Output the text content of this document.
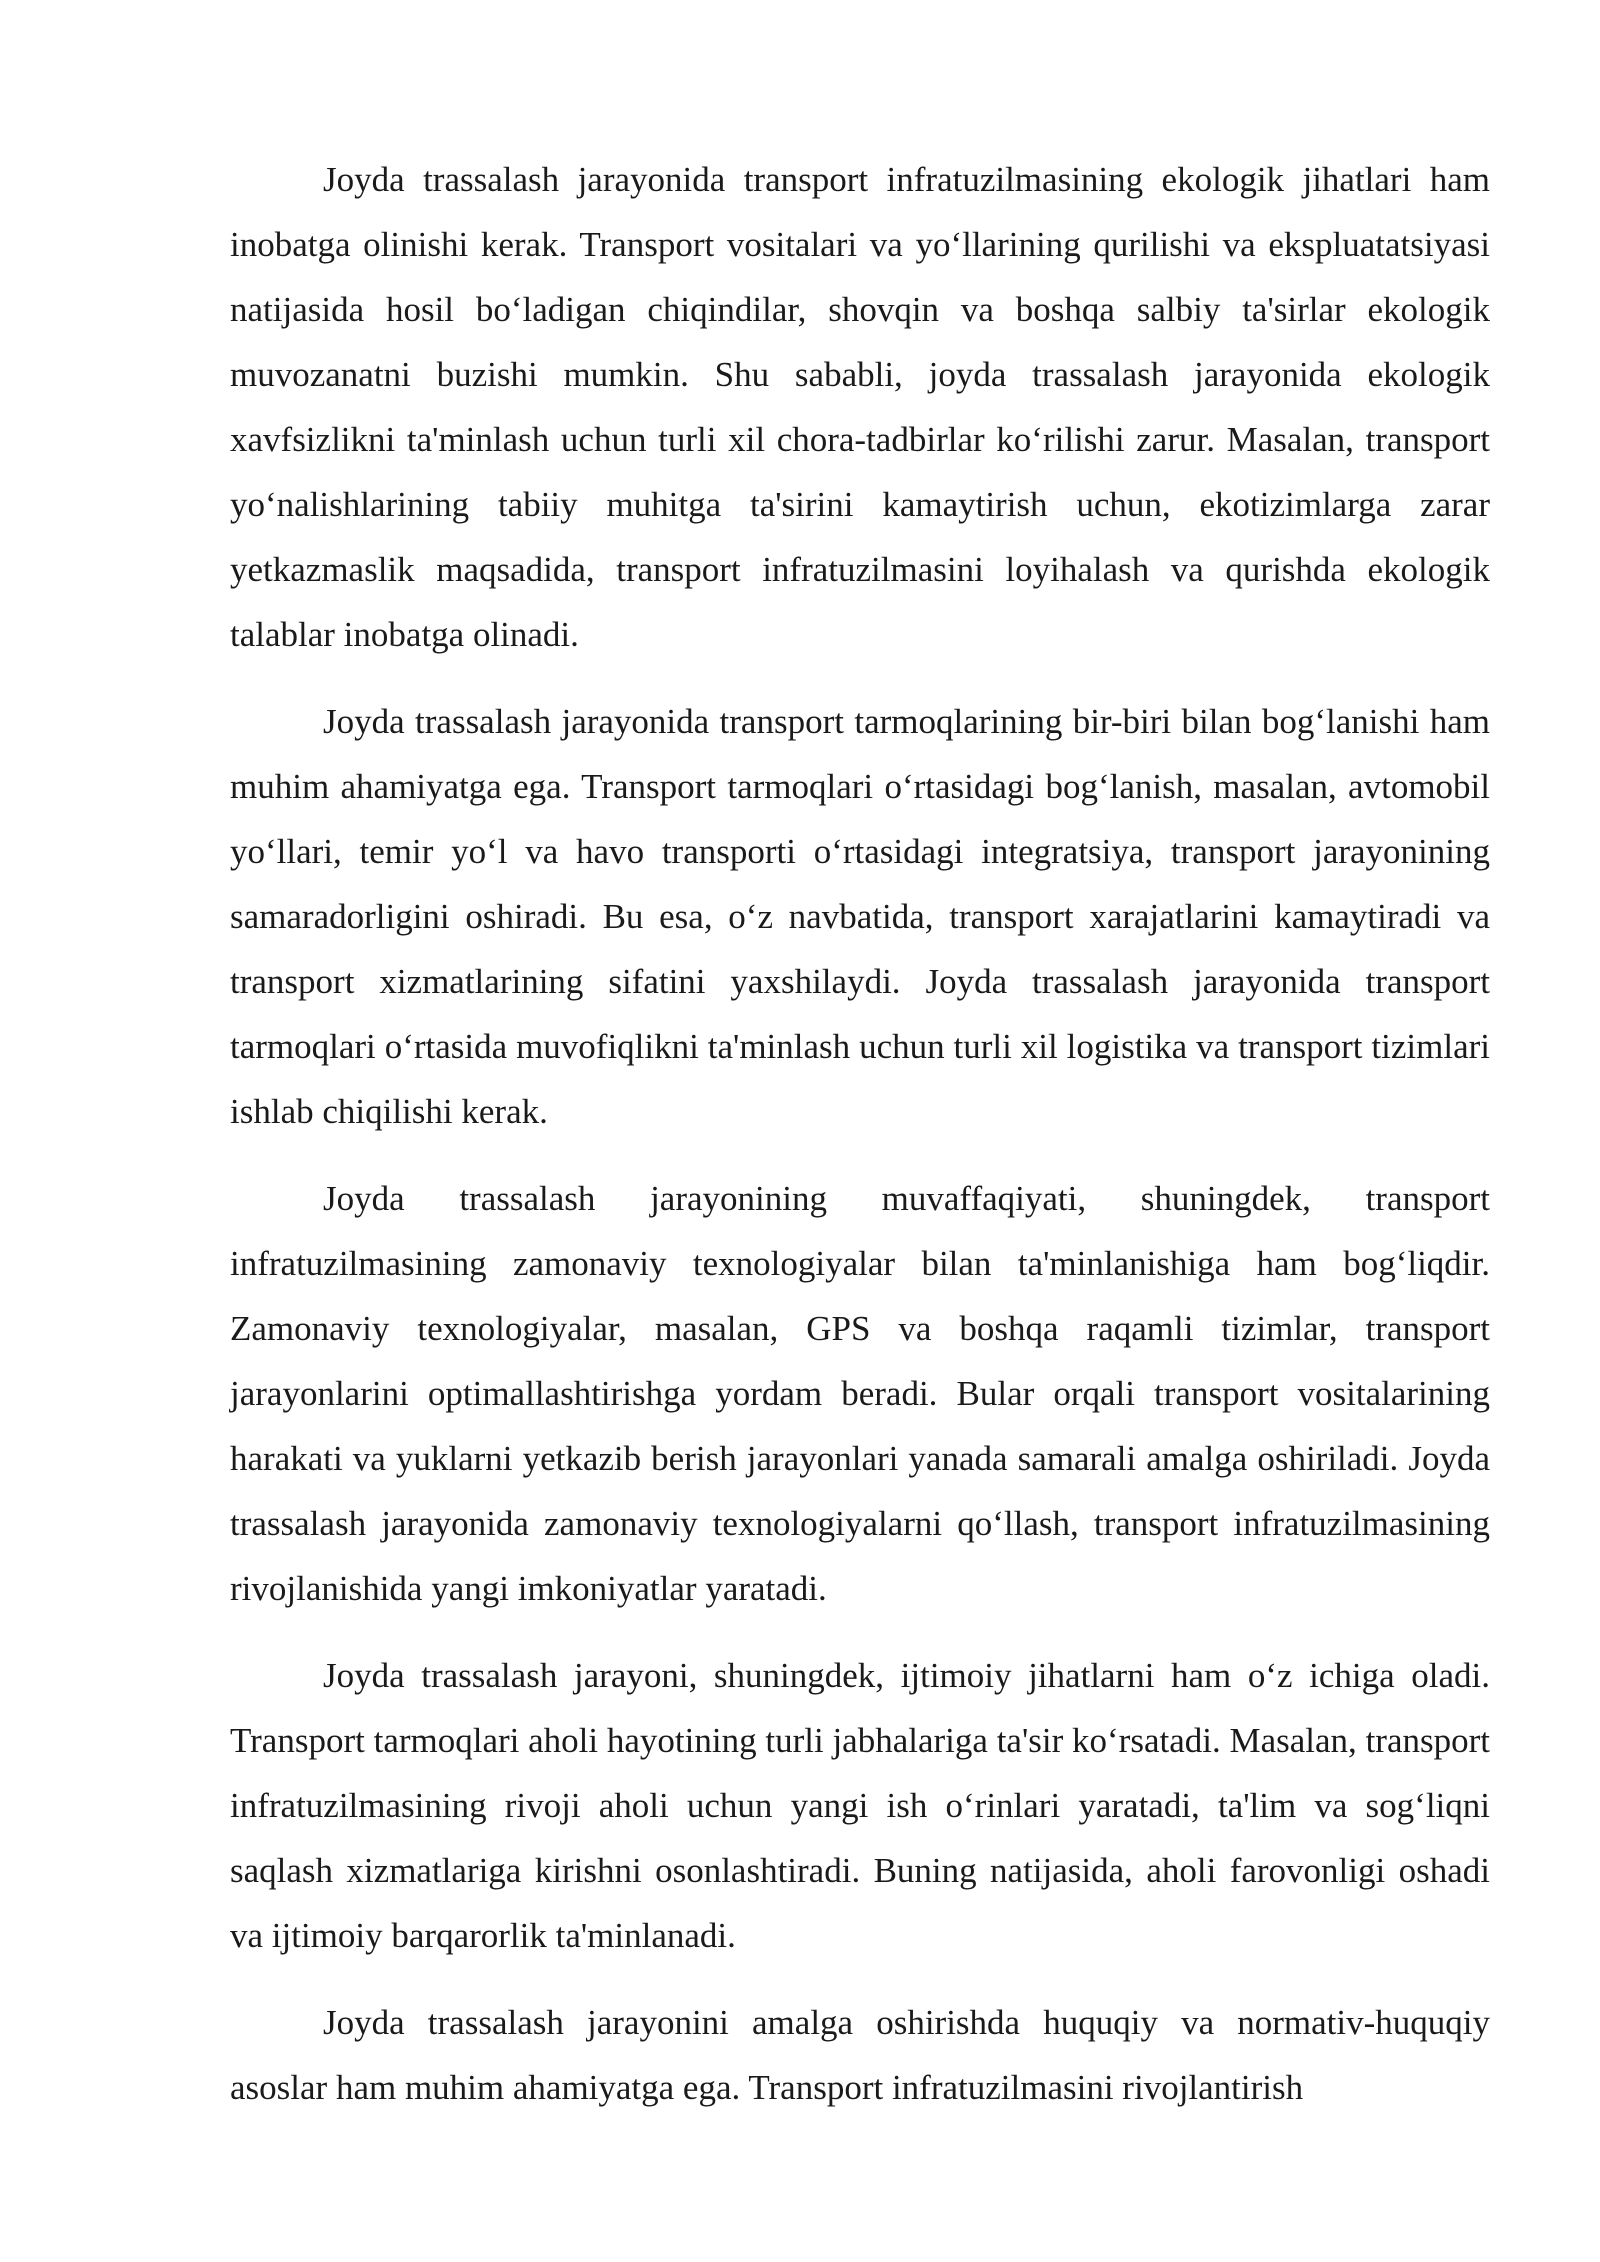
Joyda trassalash jarayonida transport infratuzilmasining ekologik jihatlari ham inobatga olinishi kerak. Transport vositalari va yo‘llarining qurilishi va ekspluatatsiyasi natijasida hosil bo‘ladigan chiqindilar, shovqin va boshqa salbiy ta'sirlar ekologik muvozanatni buzishi mumkin. Shu sababli, joyda trassalash jarayonida ekologik xavfsizlikni ta'minlash uchun turli xil chora-tadbirlar ko‘rilishi zarur. Masalan, transport yo‘nalishlarining tabiiy muhitga ta'sirini kamaytirish uchun, ekotizimlarga zarar yetkazmaslik maqsadida, transport infratuzilmasini loyihalash va qurishda ekologik talablar inobatga olinadi.

Joyda trassalash jarayonida transport tarmoqlarining bir-biri bilan bog‘lanishi ham muhim ahamiyatga ega. Transport tarmoqlari o‘rtasidagi bog‘lanish, masalan, avtomobil yo‘llari, temir yo‘l va havo transporti o‘rtasidagi integratsiya, transport jarayonining samaradorligini oshiradi. Bu esa, o‘z navbatida, transport xarajatlarini kamaytiradi va transport xizmatlarining sifatini yaxshilaydi. Joyda trassalash jarayonida transport tarmoqlari o‘rtasida muvofiqlikni ta'minlash uchun turli xil logistika va transport tizimlari ishlab chiqilishi kerak.

Joyda trassalash jarayonining muvaffaqiyati, shuningdek, transport infratuzilmasining zamonaviy texnologiyalar bilan ta'minlanishiga ham bog‘liqdir. Zamonaviy texnologiyalar, masalan, GPS va boshqa raqamli tizimlar, transport jarayonlarini optimallashtirishga yordam beradi. Bular orqali transport vositalarining harakati va yuklarni yetkazib berish jarayonlari yanada samarali amalga oshiriladi. Joyda trassalash jarayonida zamonaviy texnologiyalarni qo‘llash, transport infratuzilmasining rivojlanishida yangi imkoniyatlar yaratadi.

Joyda trassalash jarayoni, shuningdek, ijtimoiy jihatlarni ham o‘z ichiga oladi. Transport tarmoqlari aholi hayotining turli jabhalariga ta'sir ko‘rsatadi. Masalan, transport infratuzilmasining rivoji aholi uchun yangi ish o‘rinlari yaratadi, ta'lim va sog‘liqni saqlash xizmatlariga kirishni osonlashtiradi. Buning natijasida, aholi farovonligi oshadi va ijtimoiy barqarorlik ta'minlanadi.

Joyda trassalash jarayonini amalga oshirishda huquqiy va normativ-huquqiy asoslar ham muhim ahamiyatga ega. Transport infratuzilmasini rivojlantirish
